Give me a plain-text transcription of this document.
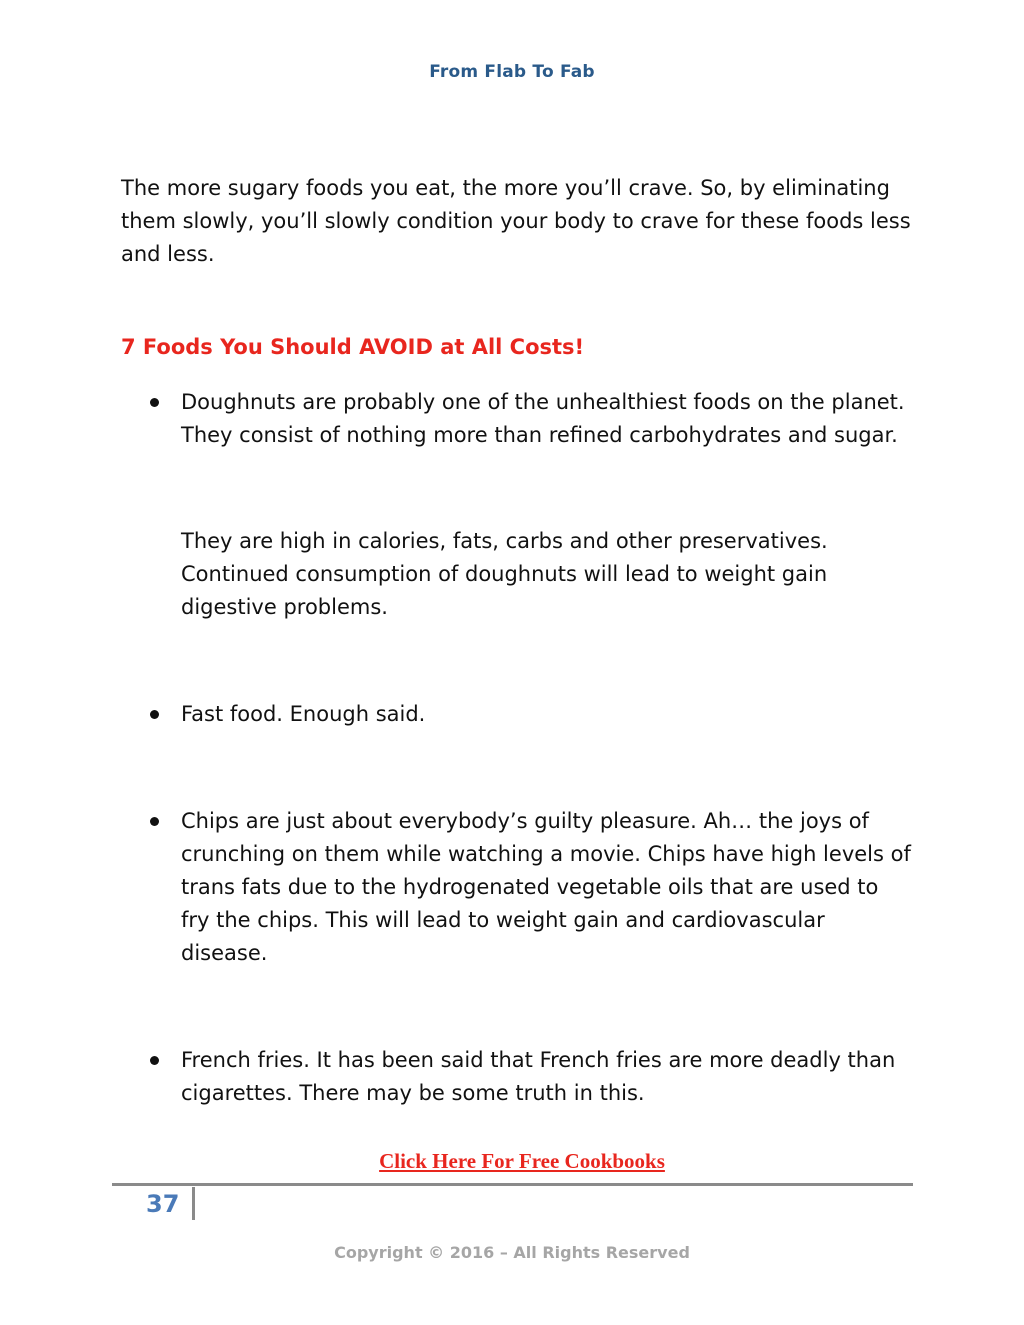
From Flab To Fab

The more sugary foods you eat, the more you’ll crave. So, by eliminating them slowly, you’ll slowly condition your body to crave for these foods less and less.

7 Foods You Should AVOID at All Costs!

Doughnuts are probably one of the unhealthiest foods on the planet. They consist of nothing more than refined carbohydrates and sugar.

They are high in calories, fats, carbs and other preservatives. Continued consumption of doughnuts will lead to weight gain digestive problems.

Fast food. Enough said.

Chips are just about everybody’s guilty pleasure. Ah… the joys of crunching on them while watching a movie. Chips have high levels of trans fats due to the hydrogenated vegetable oils that are used to fry the chips. This will lead to weight gain and cardiovascular disease.

French fries. It has been said that French fries are more deadly than cigarettes. There may be some truth in this.

Click Here For Free Cookbooks
37
Copyright © 2016 – All Rights Reserved
